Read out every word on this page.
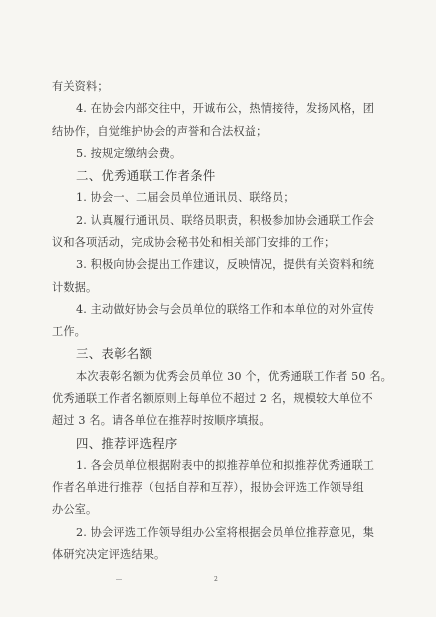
有关资料；
4. 在协会内部交往中，开诚布公，热情接待，发扬风格，团
结协作，自觉维护协会的声誉和合法权益；
5. 按规定缴纳会费。
二、优秀通联工作者条件
1. 协会一、二届会员单位通讯员、联络员；
2. 认真履行通讯员、联络员职责，积极参加协会通联工作会
议和各项活动，完成协会秘书处和相关部门安排的工作；
3. 积极向协会提出工作建议，反映情况，提供有关资料和统
计数据。
4. 主动做好协会与会员单位的联络工作和本单位的对外宣传
工作。
三、表彰名额
本次表彰名额为优秀会员单位 30 个，优秀通联工作者 50 名。
优秀通联工作者名额原则上每单位不超过 2 名，规模较大单位不
超过 3 名。请各单位在推荐时按顺序填报。
四、推荐评选程序
1. 各会员单位根据附表中的拟推荐单位和拟推荐优秀通联工
作者名单进行推荐（包括自荐和互荐），报协会评选工作领导组
办公室。
2. 协会评选工作领导组办公室将根据会员单位推荐意见，集
体研究决定评选结果。
2
